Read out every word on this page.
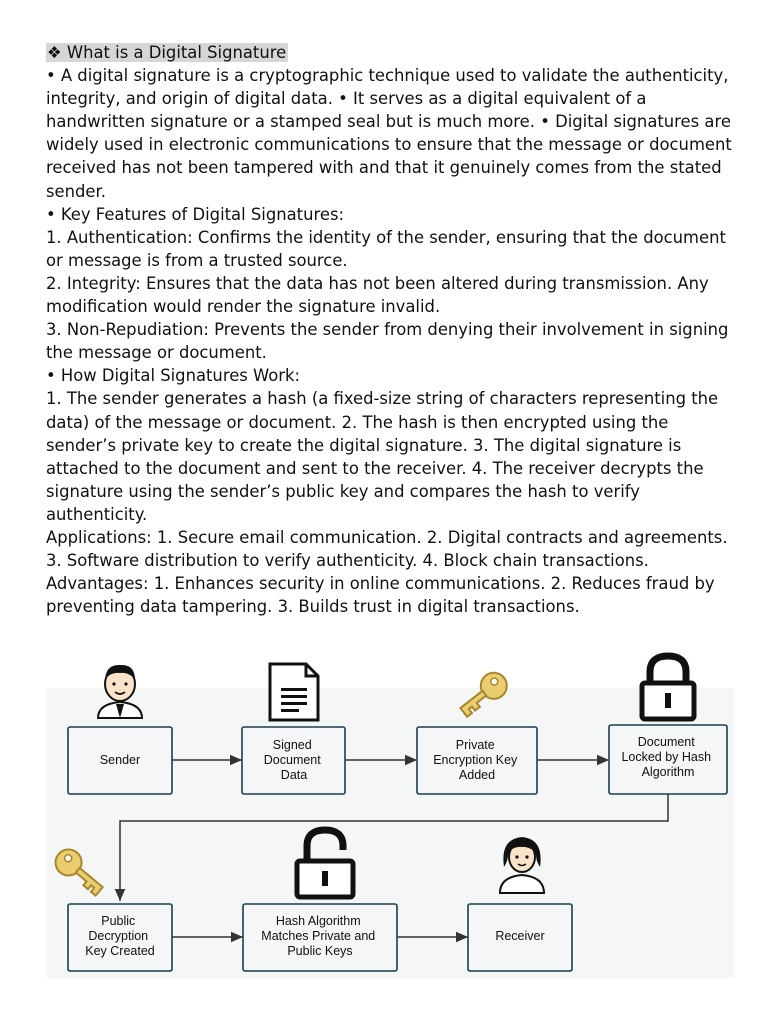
❖ What is a Digital Signature

• A digital signature is a cryptographic technique used to validate the authenticity, integrity, and origin of digital data. • It serves as a digital equivalent of a handwritten signature or a stamped seal but is much more. • Digital signatures are widely used in electronic communications to ensure that the message or document received has not been tampered with and that it genuinely comes from the stated sender.

• Key Features of Digital Signatures:

1. Authentication: Confirms the identity of the sender, ensuring that the document or message is from a trusted source.

2. Integrity: Ensures that the data has not been altered during transmission. Any modification would render the signature invalid.

3. Non-Repudiation: Prevents the sender from denying their involvement in signing the message or document.

• How Digital Signatures Work:

1. The sender generates a hash (a fixed-size string of characters representing the data) of the message or document. 2. The hash is then encrypted using the sender’s private key to create the digital signature. 3. The digital signature is attached to the document and sent to the receiver. 4. The receiver decrypts the signature using the sender’s public key and compares the hash to verify authenticity.

Applications: 1. Secure email communication. 2. Digital contracts and agreements. 3. Software distribution to verify authenticity. 4. Block chain transactions. Advantages: 1. Enhances security in online communications. 2. Reduces fraud by preventing data tampering. 3. Builds trust in digital transactions.

Sender
Signed Document Data
Private Encryption Key Added
Document Locked by Hash Algorithm
Public Decryption Key Created
Hash Algorithm Matches Private and Public Keys
Receiver
